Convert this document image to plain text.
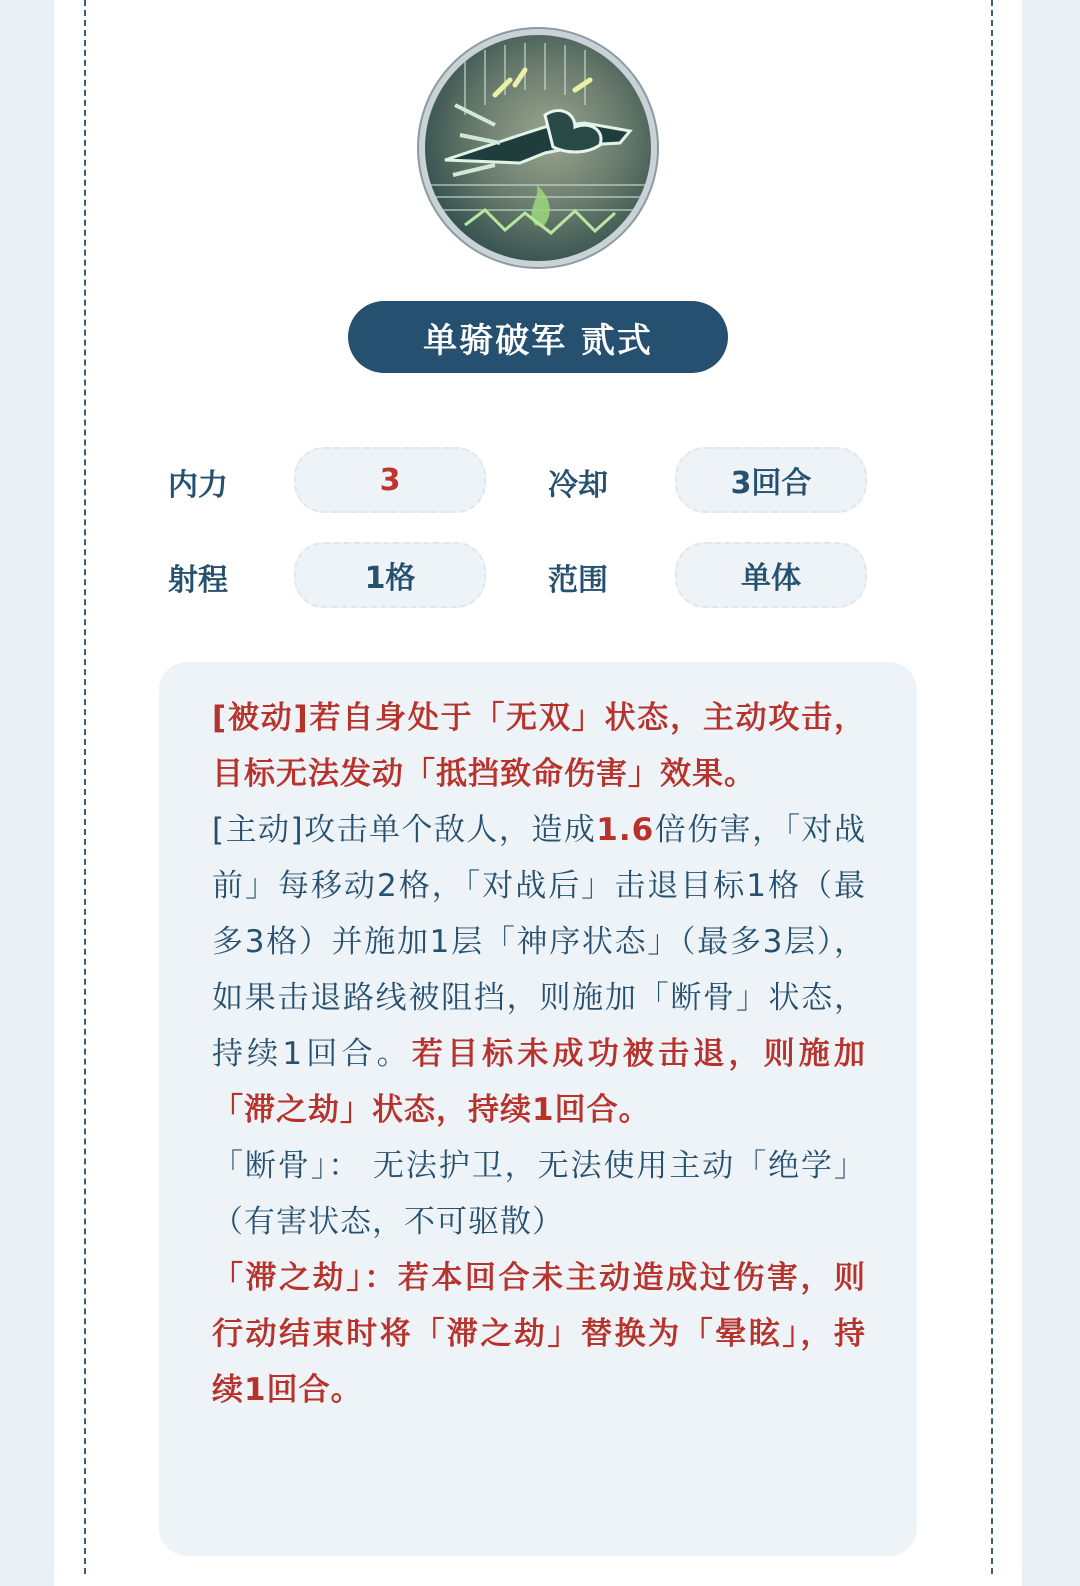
单骑破军 贰式
内力	3	冷却	3回合
射程	1格	范围	单体

[被动]若自身处于「无双」状态，主动攻击，目标无法发动「抵挡致命伤害」效果。

[主动]攻击单个敌人，造成1.6倍伤害，「对战前」每移动2格，「对战后」击退目标1格（最多3格）并施加1层「神序状态」（最多3层），如果击退路线被阻挡，则施加「断骨」状态，持续1回合。若目标未成功被击退，则施加「滞之劫」状态，持续1回合。

「断骨」： 无法护卫，无法使用主动「绝学」（有害状态，不可驱散）

「滞之劫」：若本回合未主动造成过伤害，则行动结束时将「滞之劫」替换为「晕眩」，持续1回合。
